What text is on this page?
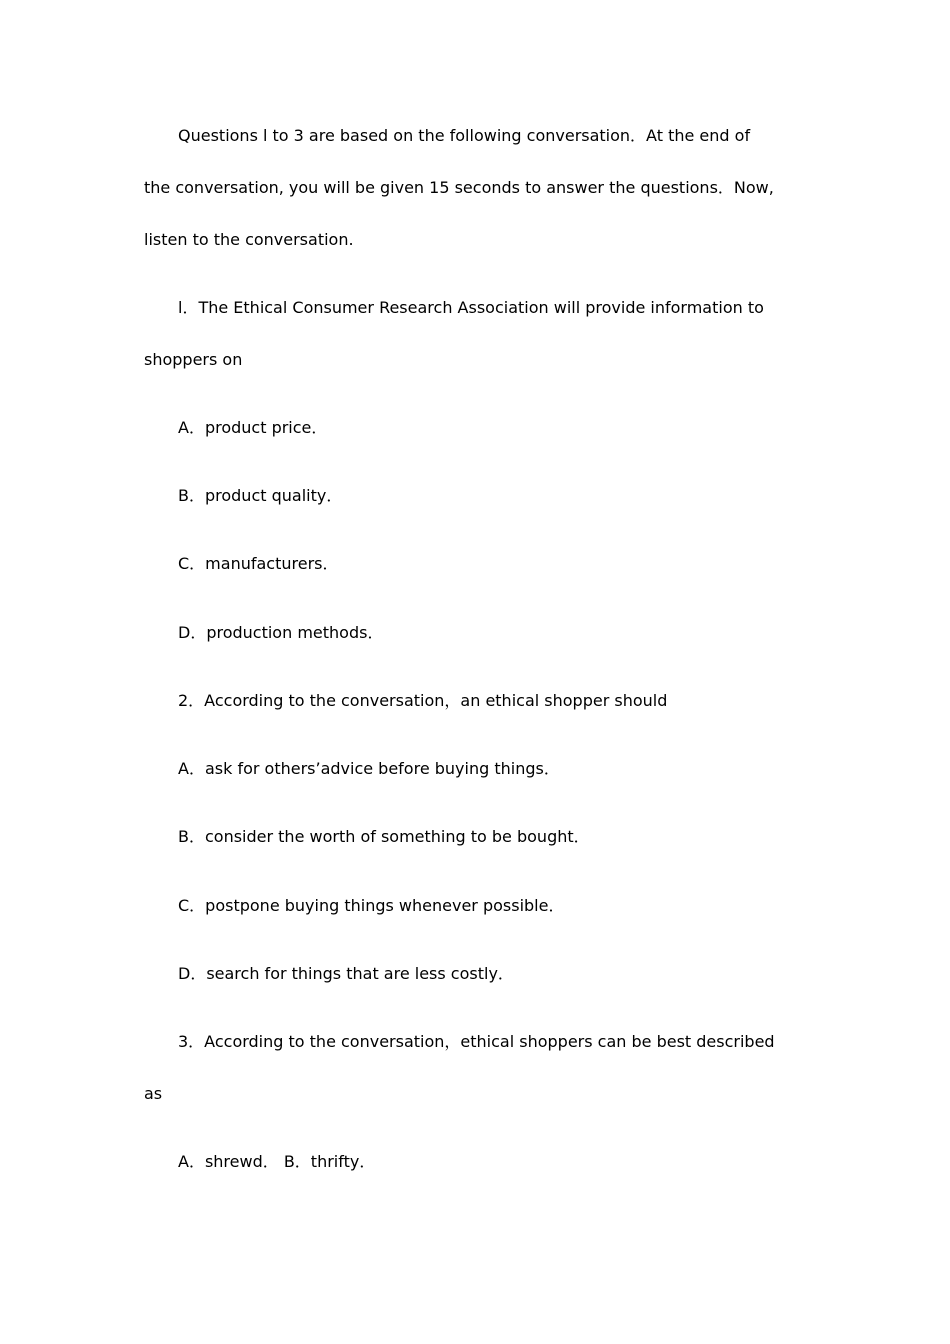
Questions l to 3 are based on the following conversation．At the end of
the conversation, you will be given 15 seconds to answer the questions．Now,
listen to the conversation.
l．The Ethical Consumer Research Association will provide information to
shoppers on
A．product price．
B．product quality．
C．manufacturers．
D．production methods．
2．According to the conversation，an ethical shopper should
A．ask for others’advice before buying things．
B．consider the worth of something to be bought．
C．postpone buying things whenever possible．
D．search for things that are less costly．
3．According to the conversation，ethical shoppers can be best described
as
A．shrewd． B．thrifty．
